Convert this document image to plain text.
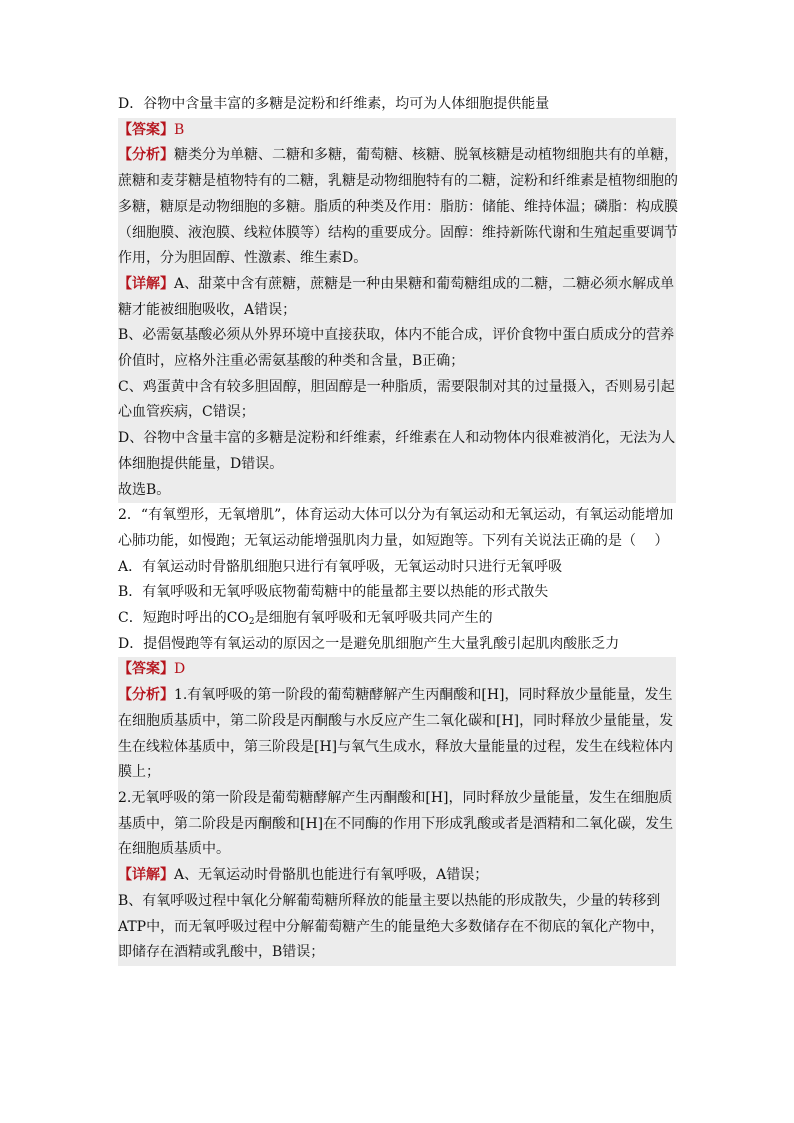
D．谷物中含量丰富的多糖是淀粉和纤维素，均可为人体细胞提供能量
【答案】B
【分析】糖类分为单糖、二糖和多糖，葡萄糖、核糖、脱氧核糖是动植物细胞共有的单糖，
蔗糖和麦芽糖是植物特有的二糖，乳糖是动物细胞特有的二糖，淀粉和纤维素是植物细胞的
多糖，糖原是动物细胞的多糖。脂质的种类及作用：脂肪：储能、维持体温；磷脂：构成膜
（细胞膜、液泡膜、线粒体膜等）结构的重要成分。固醇：维持新陈代谢和生殖起重要调节
作用，分为胆固醇、性激素、维生素D。
【详解】A、甜菜中含有蔗糖，蔗糖是一种由果糖和葡萄糖组成的二糖，二糖必须水解成单
糖才能被细胞吸收，A错误；
B、必需氨基酸必须从外界环境中直接获取，体内不能合成，评价食物中蛋白质成分的营养
价值时，应格外注重必需氨基酸的种类和含量，B正确；
C、鸡蛋黄中含有较多胆固醇，胆固醇是一种脂质，需要限制对其的过量摄入，否则易引起
心血管疾病，C错误；
D、谷物中含量丰富的多糖是淀粉和纤维素，纤维素在人和动物体内很难被消化，无法为人
体细胞提供能量，D错误。
故选B。
2．“有氧塑形，无氧增肌”，体育运动大体可以分为有氧运动和无氧运动，有氧运动能增加
心肺功能，如慢跑；无氧运动能增强肌肉力量，如短跑等。下列有关说法正确的是（　 ）
A．有氧运动时骨骼肌细胞只进行有氧呼吸，无氧运动时只进行无氧呼吸
B．有氧呼吸和无氧呼吸底物葡萄糖中的能量都主要以热能的形式散失
C．短跑时呼出的$CO_2$是细胞有氧呼吸和无氧呼吸共同产生的
D．提倡慢跑等有氧运动的原因之一是避免肌细胞产生大量乳酸引起肌肉酸胀乏力
【答案】D
【分析】1.有氧呼吸的第一阶段的葡萄糖酵解产生丙酮酸和[H]，同时释放少量能量，发生
在细胞质基质中，第二阶段是丙酮酸与水反应产生二氧化碳和[H]，同时释放少量能量，发
生在线粒体基质中，第三阶段是[H]与氧气生成水，释放大量能量的过程，发生在线粒体内
膜上；
2.无氧呼吸的第一阶段是葡萄糖酵解产生丙酮酸和[H]，同时释放少量能量，发生在细胞质
基质中，第二阶段是丙酮酸和[H]在不同酶的作用下形成乳酸或者是酒精和二氧化碳，发生
在细胞质基质中。
【详解】A、无氧运动时骨骼肌也能进行有氧呼吸，A错误；
B、有氧呼吸过程中氧化分解葡萄糖所释放的能量主要以热能的形成散失，少量的转移到
ATP中，而无氧呼吸过程中分解葡萄糖产生的能量绝大多数储存在不彻底的氧化产物中，
即储存在酒精或乳酸中，B错误；
